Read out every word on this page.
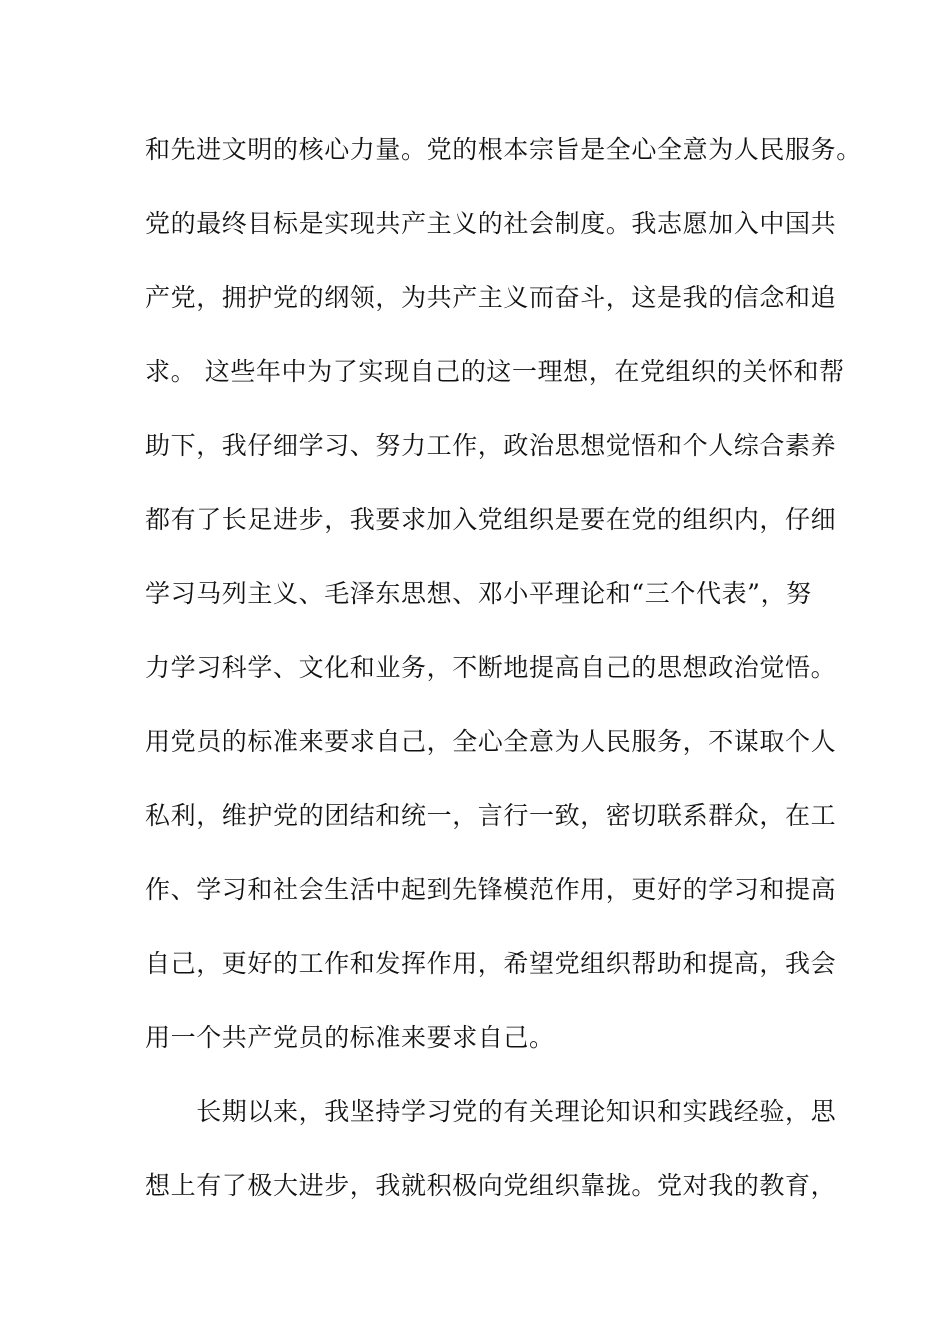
和先进文明的核心力量。党的根本宗旨是全心全意为人民服务。
党的最终目标是实现共产主义的社会制度。我志愿加入中国共
产党，拥护党的纲领，为共产主义而奋斗，这是我的信念和追
求。 这些年中为了实现自己的这一理想，在党组织的关怀和帮
助下，我仔细学习、努力工作，政治思想觉悟和个人综合素养
都有了长足进步，我要求加入党组织是要在党的组织内，仔细
学习马列主义、毛泽东思想、邓小平理论和“三个代表”，努
力学习科学、文化和业务，不断地提高自己的思想政治觉悟。
用党员的标准来要求自己，全心全意为人民服务，不谋取个人
私利，维护党的团结和统一，言行一致，密切联系群众，在工
作、学习和社会生活中起到先锋模范作用，更好的学习和提高
自己，更好的工作和发挥作用，希望党组织帮助和提高，我会
用一个共产党员的标准来要求自己。
　　长期以来，我坚持学习党的有关理论知识和实践经验，思
想上有了极大进步，我就积极向党组织靠拢。党对我的教育，
